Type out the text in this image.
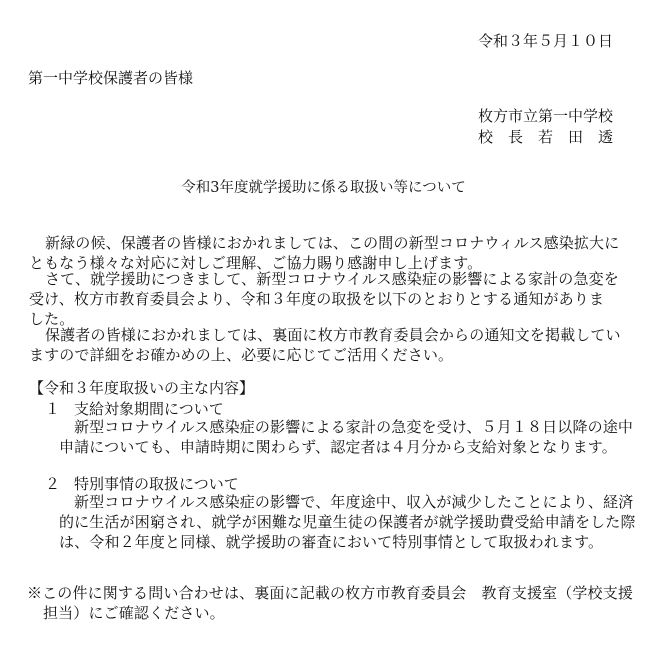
令和３年５月１０日
第一中学校保護者の皆様
枚方市立第一中学校
校　長　若　田　透
令和3年度就学援助に係る取扱い等について
新緑の候、保護者の皆様におかれましては、この間の新型コロナウィルス感染拡大に
ともなう様々な対応に対しご理解、ご協力賜り感謝申し上げます。
さて、就学援助につきまして、新型コロナウイルス感染症の影響による家計の急変を
受け、枚方市教育委員会より、令和３年度の取扱を以下のとおりとする通知がありま
した。
保護者の皆様におかれましては、裏面に枚方市教育委員会からの通知文を掲載してい
ますので詳細をお確かめの上、必要に応じてご活用ください。
【令和３年度取扱いの主な内容】
１ 支給対象期間について
新型コロナウイルス感染症の影響による家計の急変を受け、５月１８日以降の途中
申請についても、申請時期に関わらず、認定者は４月分から支給対象となります。
２ 特別事情の取扱について
新型コロナウイルス感染症の影響で、年度途中、収入が減少したことにより、経済
的に生活が困窮され、就学が困難な児童生徒の保護者が就学援助費受給申請をした際
は、令和２年度と同様、就学援助の審査において特別事情として取扱われます。
※この件に関する問い合わせは、裏面に記載の枚方市教育委員会　教育支援室（学校支援
担当）にご確認ください。
